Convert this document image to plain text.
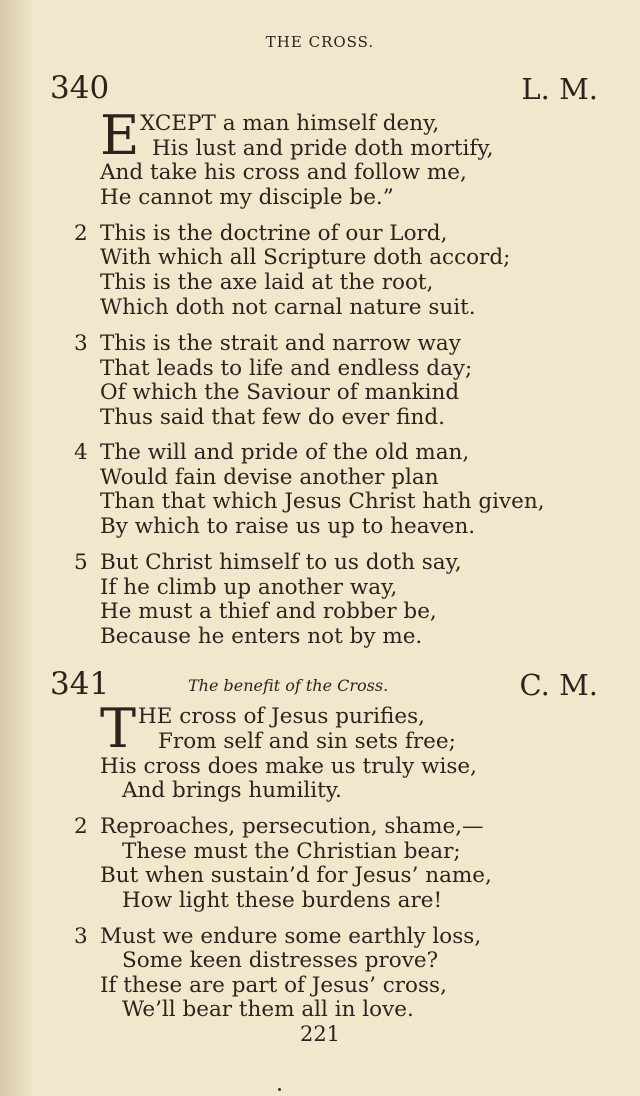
THE CROSS.
340	L. M.
E XCEPT a man himself deny,
His lust and pride doth mortify,
And take his cross and follow me,
He cannot my disciple be.”
2 This is the doctrine of our Lord,
With which all Scripture doth accord;
This is the axe laid at the root,
Which doth not carnal nature suit.
3 This is the strait and narrow way
That leads to life and endless day;
Of which the Saviour of mankind
Thus said that few do ever find.
4 The will and pride of the old man,
Would fain devise another plan
Than that which Jesus Christ hath given,
By which to raise us up to heaven.
5 But Christ himself to us doth say,
If he climb up another way,
He must a thief and robber be,
Because he enters not by me.
341	The benefit of the Cross.	C. M.
T HE cross of Jesus purifies,
From self and sin sets free;
His cross does make us truly wise,
And brings humility.
2 Reproaches, persecution, shame,—
These must the Christian bear;
But when sustain’d for Jesus’ name,
How light these burdens are!
3 Must we endure some earthly loss,
Some keen distresses prove?
If these are part of Jesus’ cross,
We’ll bear them all in love.
221
